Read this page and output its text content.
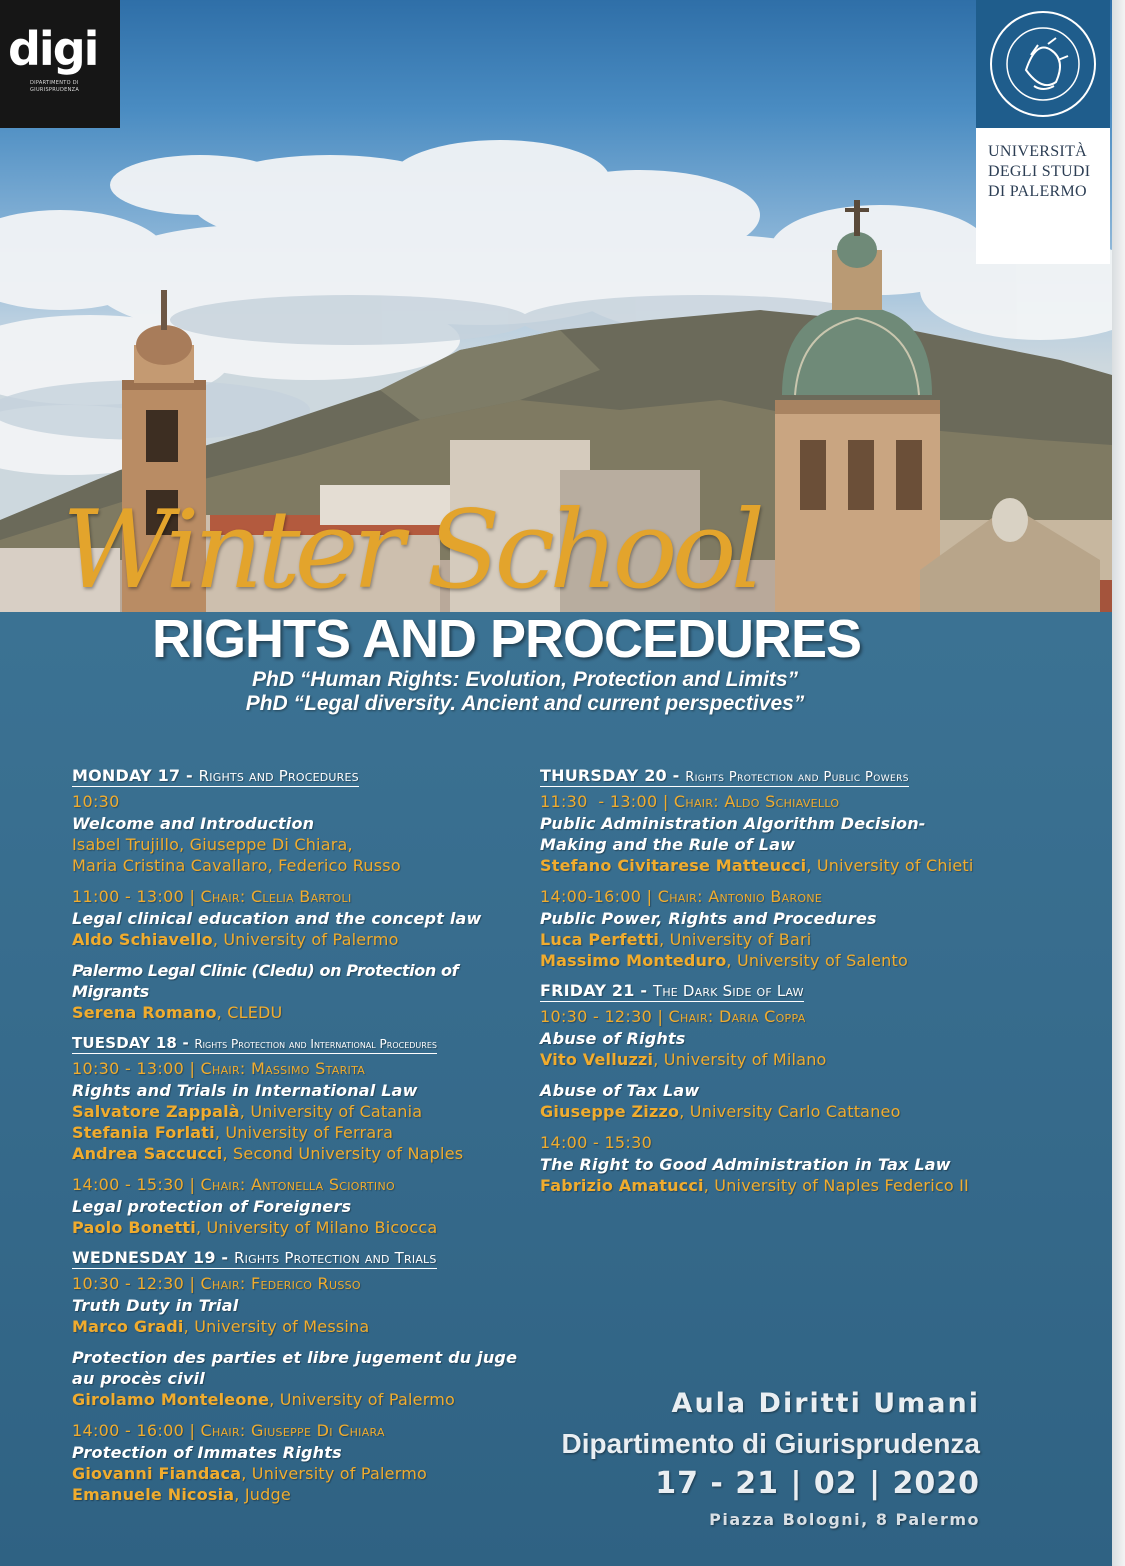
digi
DIPARTIMENTO DI GIURISPRUDENZA
UNIVERSITÀ
DEGLI STUDI
DI PALERMO
Winter School
RIGHTS AND PROCEDURES
PhD “Human Rights: Evolution, Protection and Limits”
PhD “Legal diversity. Ancient and current perspectives”
MONDAY 17 - Rights and Procedures
10:30
Welcome and Introduction
Isabel Trujillo, Giuseppe Di Chiara,
Maria Cristina Cavallaro, Federico Russo
11:00 - 13:00 | Chair: Clelia Bartoli
Legal clinical education and the concept law
Aldo Schiavello, University of Palermo
Palermo Legal Clinic (Cledu) on Protection of Migrants
Serena Romano, CLEDU
TUESDAY 18 - Rights Protection and International Procedures
10:30 - 13:00 | Chair: Massimo Starita
Rights and Trials in International Law
Salvatore Zappalà, University of Catania
Stefania Forlati, University of Ferrara
Andrea Saccucci, Second University of Naples
14:00 - 15:30 | Chair: Antonella Sciortino
Legal protection of Foreigners
Paolo Bonetti, University of Milano Bicocca
WEDNESDAY 19 - Rights Protection and Trials
10:30 - 12:30 | Chair: Federico Russo
Truth Duty in Trial
Marco Gradi, University of Messina
Protection des parties et libre jugement du juge au procès civil
Girolamo Monteleone, University of Palermo
14:00 - 16:00 | Chair: Giuseppe Di Chiara
Protection of Immates Rights
Giovanni Fiandaca, University of Palermo
Emanuele Nicosia, Judge
THURSDAY 20 - Rights Protection and Public Powers
11:30  - 13:00 | Chair: Aldo Schiavello
Public Administration Algorithm Decision-Making and the Rule of Law
Stefano Civitarese Matteucci, University of Chieti
14:00-16:00 | Chair: Antonio Barone
Public Power, Rights and Procedures
Luca Perfetti, University of Bari
Massimo Monteduro, University of Salento
FRIDAY 21 - The Dark Side of Law
10:30 - 12:30 | Chair: Daria Coppa
Abuse of Rights
Vito Velluzzi, University of Milano
Abuse of Tax Law
Giuseppe Zizzo, University Carlo Cattaneo
14:00 - 15:30
The Right to Good Administration in Tax Law
Fabrizio Amatucci, University of Naples Federico II
Aula Diritti Umani
Dipartimento di Giurisprudenza
17 - 21 | 02 | 2020
Piazza Bologni, 8 Palermo
